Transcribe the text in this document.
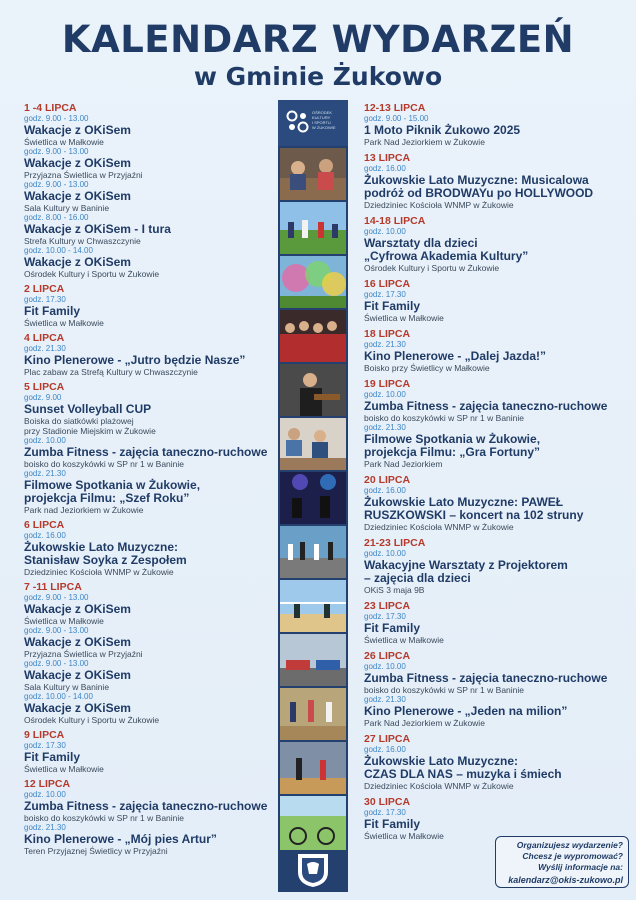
KALENDARZ WYDARZEŃ
w Gminie Żukowo
1 -4 LIPCA
godz. 9.00 - 13.00
Wakacje z OKiSem
Świetlica w Małkowie
godz. 9.00 - 13.00
Wakacje z OKiSem
Przyjazna Świetlica w Przyjaźni
godz. 9.00 - 13.00
Wakacje z OKiSem
Sala Kultury w Baninie
godz. 8.00 - 16.00
Wakacje z OKiSem - I tura
Strefa Kultury w Chwaszczynie
godz. 10.00 - 14.00
Wakacje z OKiSem
Ośrodek Kultury i Sportu w Żukowie
2 LIPCA
godz. 17.30
Fit Family
Świetlica w Małkowie
4 LIPCA
godz. 21.30
Kino Plenerowe - „Jutro będzie Nasze”
Plac zabaw za Strefą Kultury w Chwaszczynie
5 LIPCA
godz. 9.00
Sunset Volleyball CUP
Boiska do siatkówki plażowej
przy Stadionie Miejskim w Żukowie
godz. 10.00
Zumba Fitness - zajęcia taneczno-ruchowe
boisko do koszykówki w SP nr 1 w Baninie
godz. 21.30
Filmowe Spotkania w Żukowie,
projekcja Filmu: „Szef Roku”
Park nad Jeziorkiem w Żukowie
6 LIPCA
godz. 16.00
Żukowskie Lato Muzyczne:
Stanisław Soyka z Zespołem
Dziedziniec Kościoła WNMP w Żukowie
7 -11 LIPCA
godz. 9.00 - 13.00
Wakacje z OKiSem
Świetlica w Małkowie
godz. 9.00 - 13.00
Wakacje z OKiSem
Przyjazna Świetlica w Przyjaźni
godz. 9.00 - 13.00
Wakacje z OKiSem
Sala Kultury w Baninie
godz. 10.00 - 14.00
Wakacje z OKiSem
Ośrodek Kultury i Sportu w Żukowie
9 LIPCA
godz. 17.30
Fit Family
Świetlica w Małkowie
12 LIPCA
godz. 10.00
Zumba Fitness - zajęcia taneczno-ruchowe
boisko do koszykówki w SP nr 1 w Baninie
godz. 21.30
Kino Plenerowe - „Mój pies Artur”
Teren Przyjaznej Świetlicy w Przyjaźni
OŚRODEK
KULTURY
I SPORTU
W ŻUKOWIE
12-13 LIPCA
godz. 9.00 - 15.00
1 Moto Piknik Żukowo 2025
Park Nad Jeziorkiem w Żukowie
13 LIPCA
godz. 16.00
Żukowskie Lato Muzyczne: Musicalowa
podróż od BRODWAYu po HOLLYWOOD
Dziedziniec Kościoła WNMP w Żukowie
14-18 LIPCA
godz. 10.00
Warsztaty dla dzieci
„Cyfrowa Akademia Kultury”
Ośrodek Kultury i Sportu w Żukowie
16 LIPCA
godz. 17.30
Fit Family
Świetlica w Małkowie
18 LIPCA
godz. 21.30
Kino Plenerowe - „Dalej Jazda!”
Boisko przy Świetlicy w Małkowie
19 LIPCA
godz. 10.00
Zumba Fitness - zajęcia taneczno-ruchowe
boisko do koszykówki w SP nr 1 w Baninie
godz. 21.30
Filmowe Spotkania w Żukowie,
projekcja Filmu: „Gra Fortuny”
Park Nad Jeziorkiem
20 LIPCA
godz. 16.00
Żukowskie Lato Muzyczne: PAWEŁ
RUSZKOWSKI – koncert na 102 struny
Dziedziniec Kościoła WNMP w Żukowie
21-23 LIPCA
godz. 10.00
Wakacyjne Warsztaty z Projektorem
– zajęcia dla dzieci
OKiS 3 maja 9B
23 LIPCA
godz. 17.30
Fit Family
Świetlica w Małkowie
26 LIPCA
godz. 10.00
Zumba Fitness - zajęcia taneczno-ruchowe
boisko do koszykówki w SP nr 1 w Baninie
godz. 21.30
Kino Plenerowe - „Jeden na milion”
Park Nad Jeziorkiem w Żukowie
27 LIPCA
godz. 16.00
Żukowskie Lato Muzyczne:
CZAS DLA NAS – muzyka i śmiech
Dziedziniec Kościoła WNMP w Żukowie
30 LIPCA
godz. 17.30
Fit Family
Świetlica w Małkowie
Organizujesz wydarzenie?
Chcesz je wypromować?
Wyślij informacje na:
kalendarz@okis-zukowo.pl
